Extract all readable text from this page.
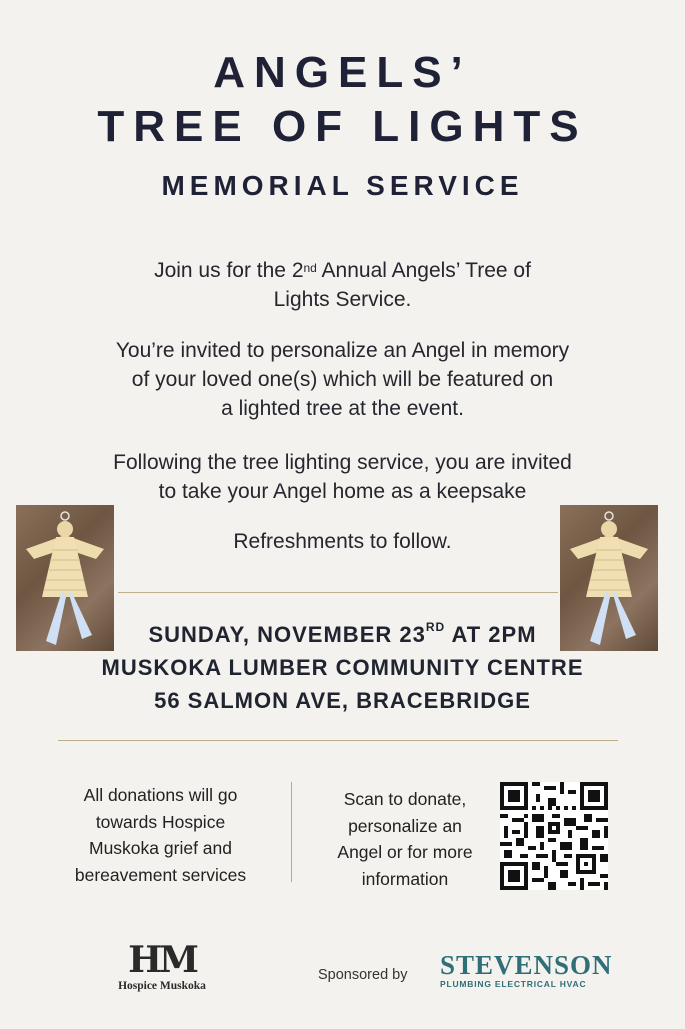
ANGELS’
TREE OF LIGHTS
MEMORIAL SERVICE
Join us for the 2nd Annual Angels’ Tree of
Lights Service.
You’re invited to personalize an Angel in memory
of your loved one(s) which will be featured on
a lighted tree at the event.
Following the tree lighting service, you are invited
to take your Angel home as a keepsake
Refreshments to follow.
SUNDAY, NOVEMBER 23RD AT 2PM
MUSKOKA LUMBER COMMUNITY CENTRE
56 SALMON AVE, BRACEBRIDGE
All donations will go
towards Hospice
Muskoka grief and
bereavement services
Scan to donate,
personalize an
Angel or for more
information
HM
Hospice Muskoka
Sponsored by STEVENSON
PLUMBING ELECTRICAL HVAC
